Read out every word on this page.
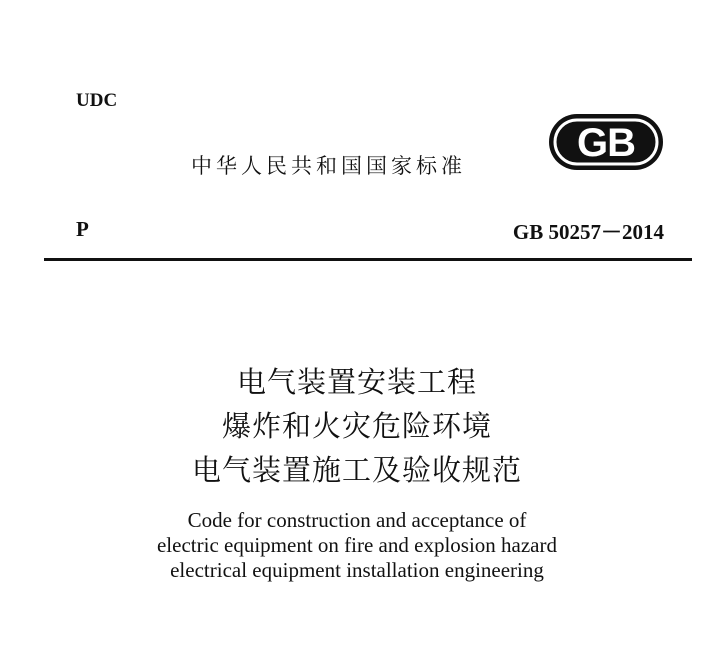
UDC
中华人民共和国国家标准
GB
P	GB 50257－2014
电气装置安装工程
爆炸和火灾危险环境
电气装置施工及验收规范
Code for construction and acceptance of
electric equipment on fire and explosion hazard
electrical equipment installation engineering
